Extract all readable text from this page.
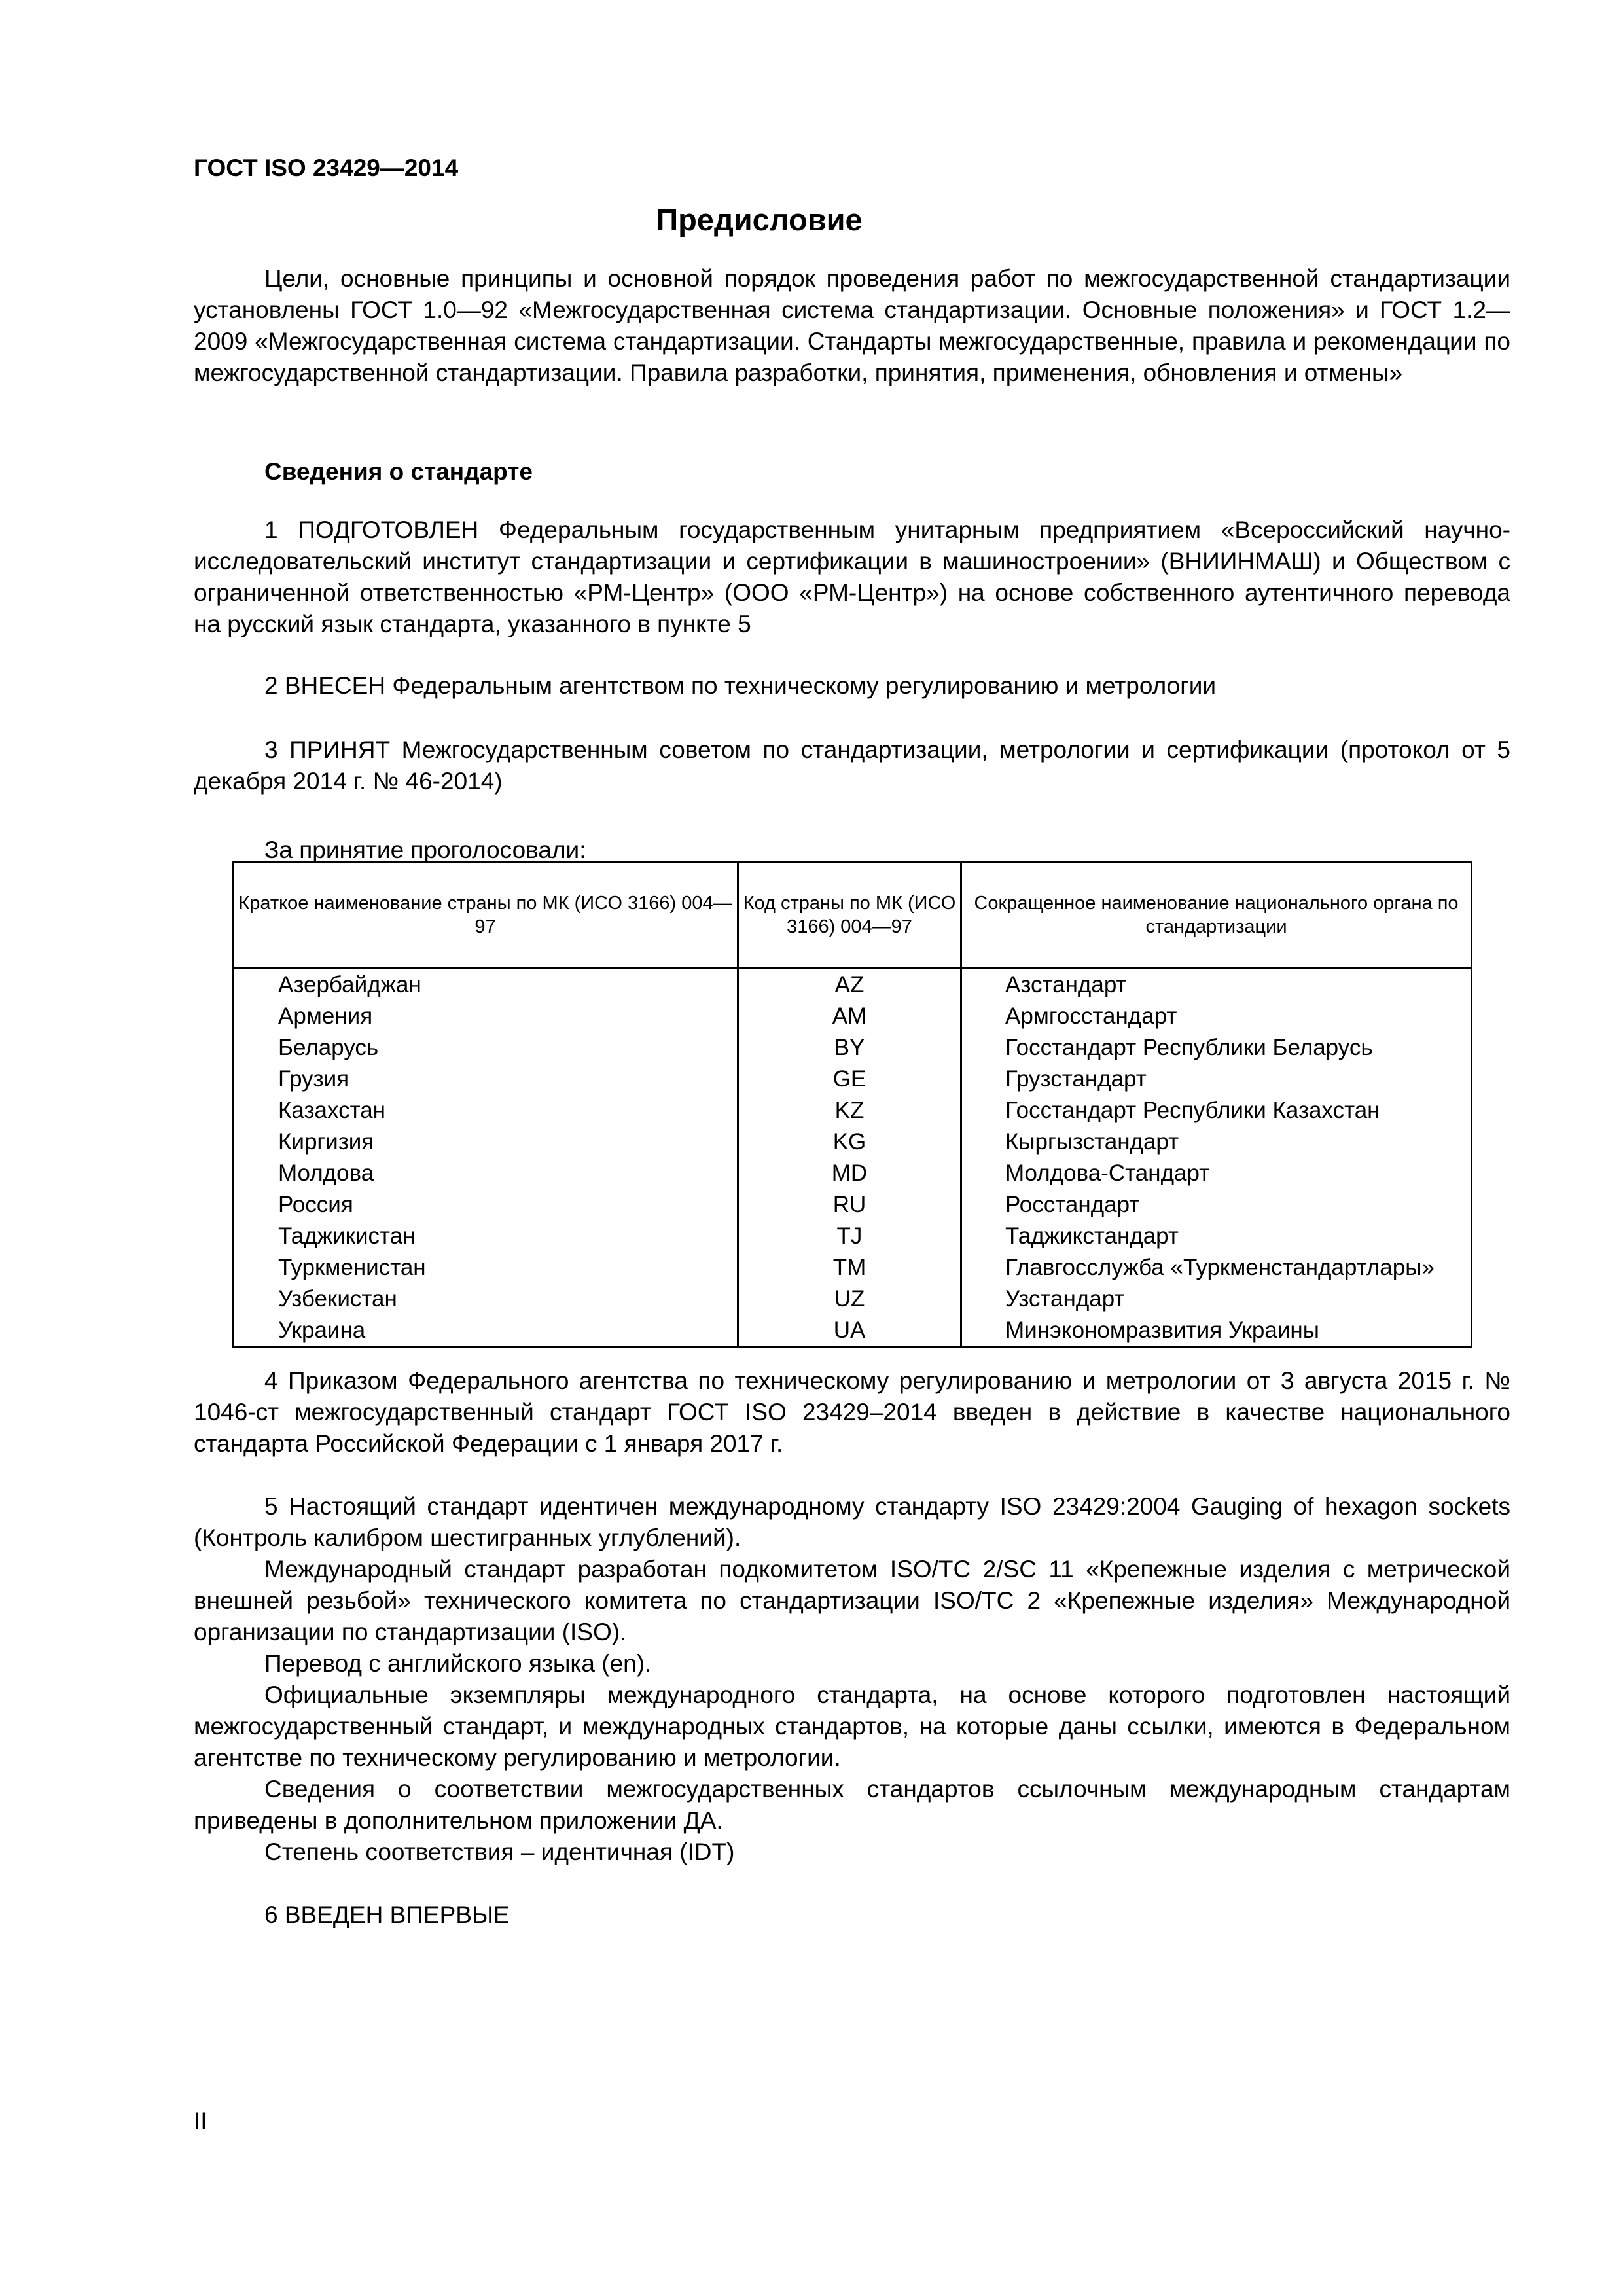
ГОСТ ISO 23429—2014
Предисловие

Цели, основные принципы и основной порядок проведения работ по межгосударственной стандартизации установлены ГОСТ 1.0—92 «Межгосударственная система стандартизации. Основные положения» и ГОСТ 1.2—2009 «Межгосударственная система стандартизации. Стандарты межгосударственные, правила и рекомендации по межгосударственной стандартизации. Правила разработки, принятия, применения, обновления и отмены»

Сведения о стандарте

1 ПОДГОТОВЛЕН Федеральным государственным унитарным предприятием «Всероссийский научно-исследовательский институт стандартизации и сертификации в машиностроении» (ВНИИНМАШ) и Обществом с ограниченной ответственностью «РМ-Центр» (ООО «РМ-Центр») на основе собственного аутентичного перевода на русский язык стандарта, указанного в пункте 5

2 ВНЕСЕН Федеральным агентством по техническому регулированию и метрологии

3 ПРИНЯТ Межгосударственным советом по стандартизации, метрологии и сертификации (протокол от 5 декабря 2014 г. № 46-2014)

За принятие проголосовали:
Краткое наименование страны по МК (ИСО 3166) 004—97	Код страны по МК (ИСО 3166) 004—97	Сокращенное наименование национального органа по стандартизации

Азербайджан	AZ	Азстандарт
Армения	AM	Армгосстандарт
Беларусь	BY	Госстандарт Республики Беларусь
Грузия	GE	Грузстандарт
Казахстан	KZ	Госстандарт Республики Казахстан
Киргизия	KG	Кыргызстандарт
Молдова	MD	Молдова-Стандарт
Россия	RU	Росстандарт
Таджикистан	TJ	Таджикстандарт
Туркменистан	TM	Главгосслужба «Туркменстандартлары»
Узбекистан	UZ	Узстандарт
Украина	UA	Минэкономразвития Украины

4 Приказом Федерального агентства по техническому регулированию и метрологии от 3 августа 2015 г. № 1046-ст межгосударственный стандарт ГОСТ ISO 23429–2014 введен в действие в качестве национального стандарта Российской Федерации с 1 января 2017 г.

5 Настоящий стандарт идентичен международному стандарту ISO 23429:2004 Gauging of hexagon sockets (Контроль калибром шестигранных углублений).

Международный стандарт разработан подкомитетом ISO/TC 2/SC 11 «Крепежные изделия с метрической внешней резьбой» технического комитета по стандартизации ISO/TC 2 «Крепежные изделия» Международной организации по стандартизации (ISO).

Перевод с английского языка (en).

Официальные экземпляры международного стандарта, на основе которого подготовлен настоящий межгосударственный стандарт, и международных стандартов, на которые даны ссылки, имеются в Федеральном агентстве по техническому регулированию и метрологии.

Сведения о соответствии межгосударственных стандартов ссылочным международным стандартам приведены в дополнительном приложении ДА.

Степень соответствия – идентичная (IDT)

6 ВВЕДЕН ВПЕРВЫЕ

II
